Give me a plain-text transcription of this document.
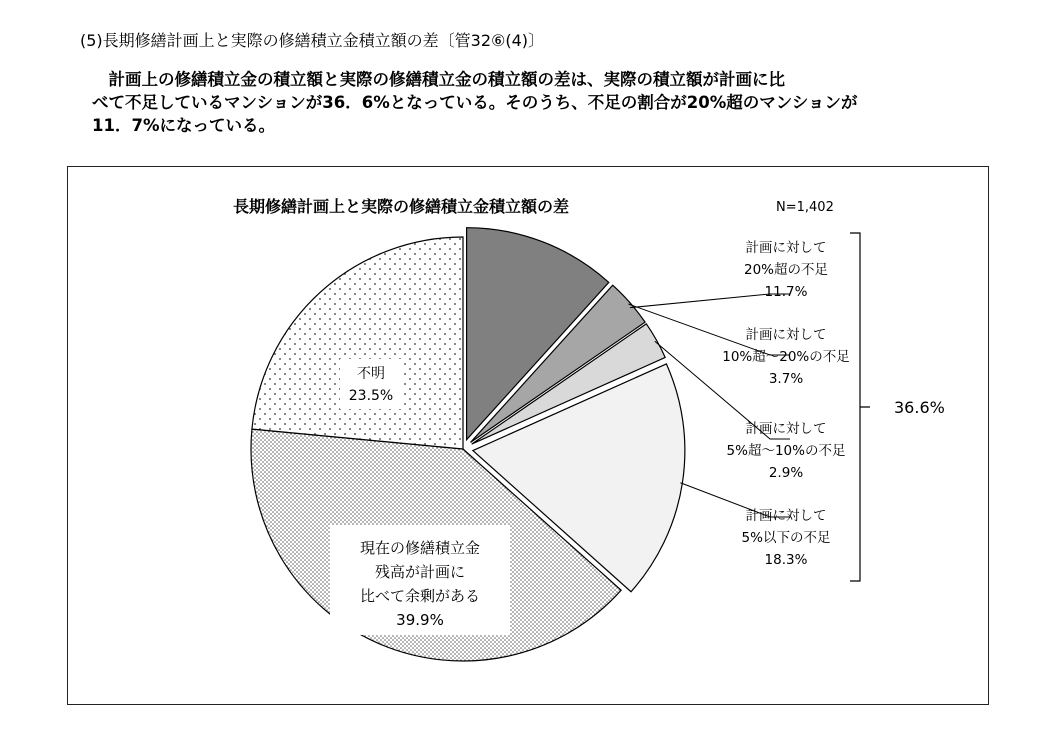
(5)長期修繕計画上と実際の修繕積立金積立額の差〔管32⑥(4)〕

　計画上の修繕積立金の積立額と実際の修繕積立金の積立額の差は、実際の積立額が計画に比

べて不足しているマンションが36．6%となっている。そのうち、不足の割合が20%超のマンションが

11．7%になっている。

長期修繕計画上と実際の修繕積立金積立額の差	N=1,402
計画に対して 20%超の不足 11.7%
計画に対して 10%超～20%の不足 3.7%
計画に対して 5%超～10%の不足 2.9%
計画に対して 5%以下の不足 18.3%
不明 23.5%
現在の修繕積立金残高が計画に比べて余剰がある 39.9%
36.6%
